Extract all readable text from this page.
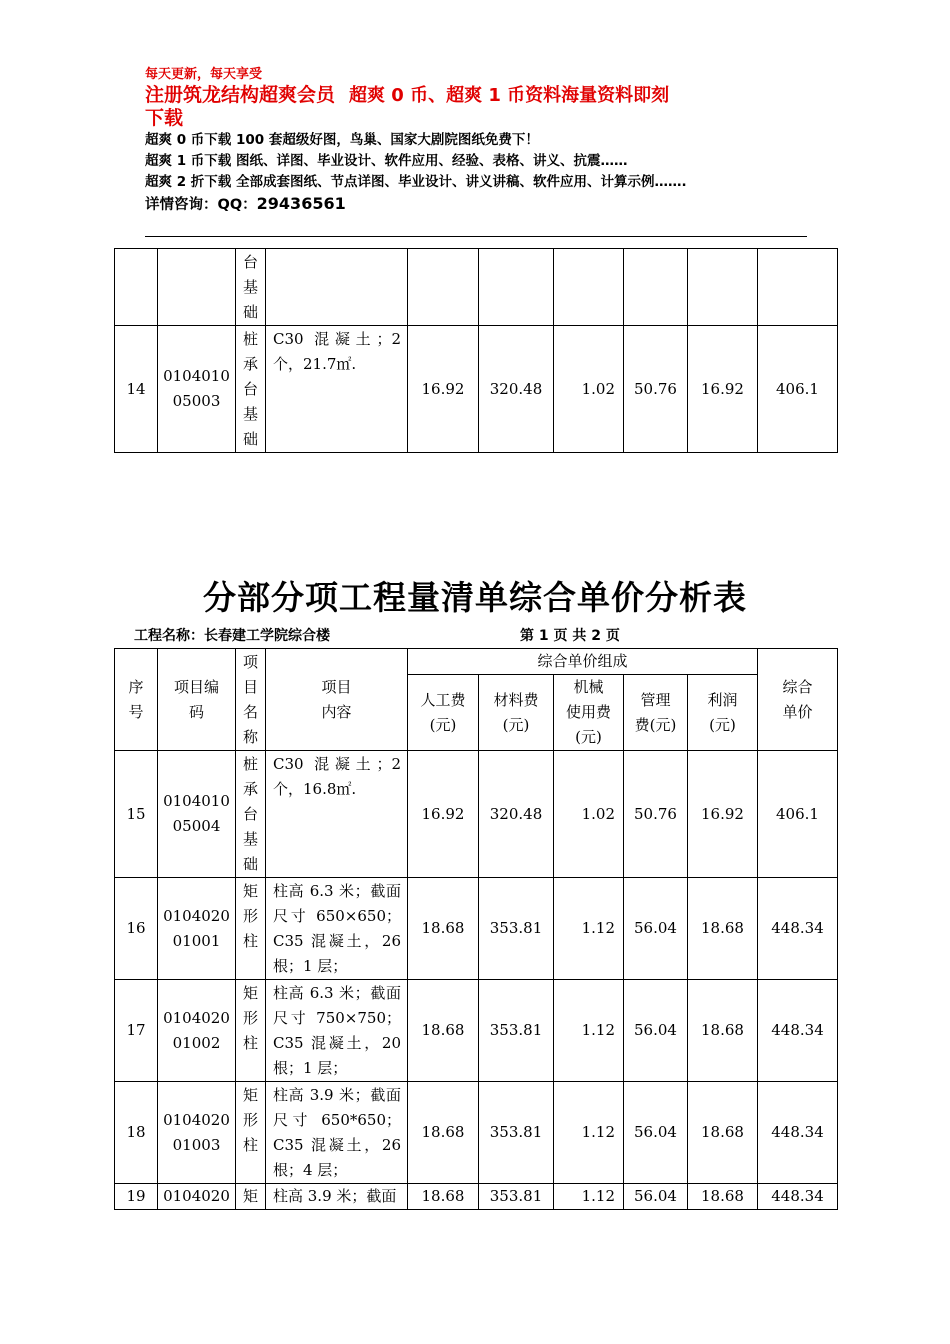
每天更新，每天享受
注册筑龙结构超爽会员 超爽 0 币、超爽 1 币资料海量资料即刻
下载
超爽 0 币下载 100 套超级好图，鸟巢、国家大剧院图纸免费下！
超爽 1 币下载 图纸、详图、毕业设计、软件应用、经验、表格、讲义、抗震……
超爽 2 折下载 全部成套图纸、节点详图、毕业设计、讲义讲稿、软件应用、计算示例…….
详情咨询：QQ：29436561

		台
基
础							

14	0104010
05003	桩
承
台
基
础	C30 混凝土；2 个，21.7㎡.	16.92	320.48	1.02	50.76	16.92	406.1
分部分项工程量清单综合单价分析表
工程名称：长春建工学院综合楼	第 1 页 共 2 页
序
号	项目编
码	项
目
名
称	项目
内容	综合单价组成					综合
单价
				人工费
(元)	材料费
(元)	机械
使用费
(元)	管理
费(元)	利润
(元)	
15	0104010
05004	桩
承
台
基
础	C30 混凝土；2 个，16.8㎡.	16.92	320.48	1.02	50.76	16.92	406.1
16	0104020
01001	矩
形
柱	柱高 6.3 米；截面尺寸 650×650；C35 混凝土，26 根；1 层；	18.68	353.81	1.12	56.04	18.68	448.34
17	0104020
01002	矩
形
柱	柱高 6.3 米；截面尺寸 750×750；C35 混凝土，20 根；1 层；	18.68	353.81	1.12	56.04	18.68	448.34
18	0104020
01003	矩
形
柱	柱高 3.9 米；截面尺寸 650*650；C35 混凝土，26 根；4 层；	18.68	353.81	1.12	56.04	18.68	448.34
19	0104020	矩	柱高 3.9 米；截面	18.68	353.81	1.12	56.04	18.68	448.34
